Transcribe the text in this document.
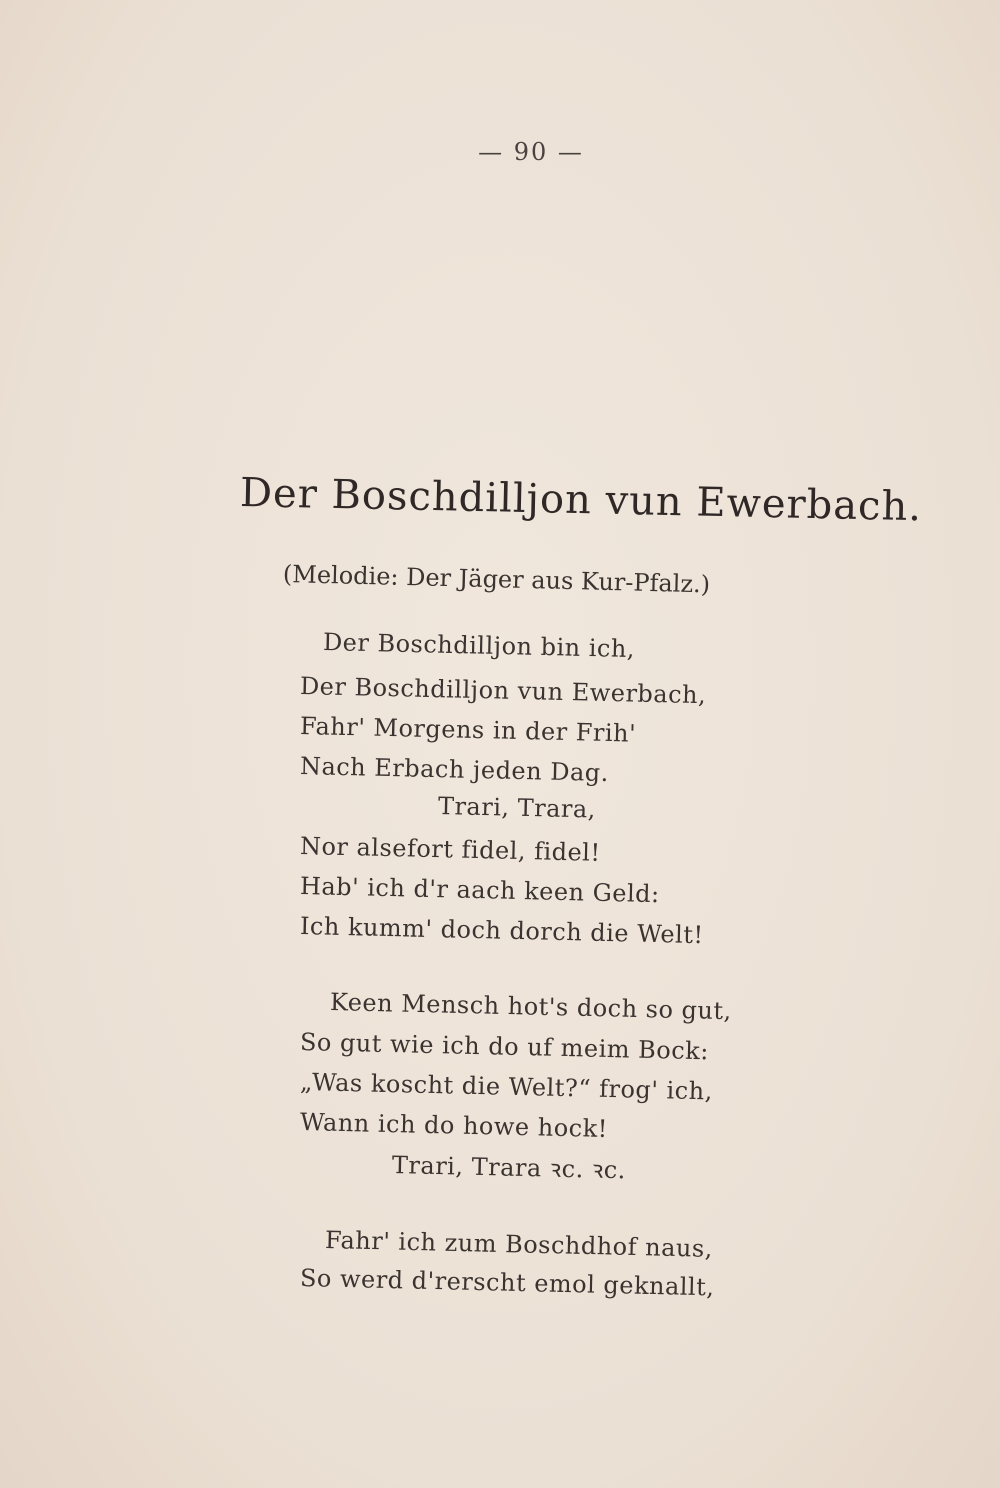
— 90 —
Der Boschdilljon vun Ewerbach.
(Melodie: Der Jäger aus Kur-Pfalz.)
Der Boschdilljon bin ich,
Der Boschdilljon vun Ewerbach,
Fahr' Morgens in der Frih'
Nach Erbach jeden Dag.
Trari, Trara,
Nor alsefort fidel, fidel!
Hab' ich d'r aach keen Geld:
Ich kumm' doch dorch die Welt!
Keen Mensch hot's doch so gut,
So gut wie ich do uf meim Bock:
„Was koscht die Welt?“ frog' ich,
Wann ich do howe hock!
Trari, Trara ꝛc. ꝛc.
Fahr' ich zum Boschdhof naus,
So werd d'rerscht emol geknallt,
